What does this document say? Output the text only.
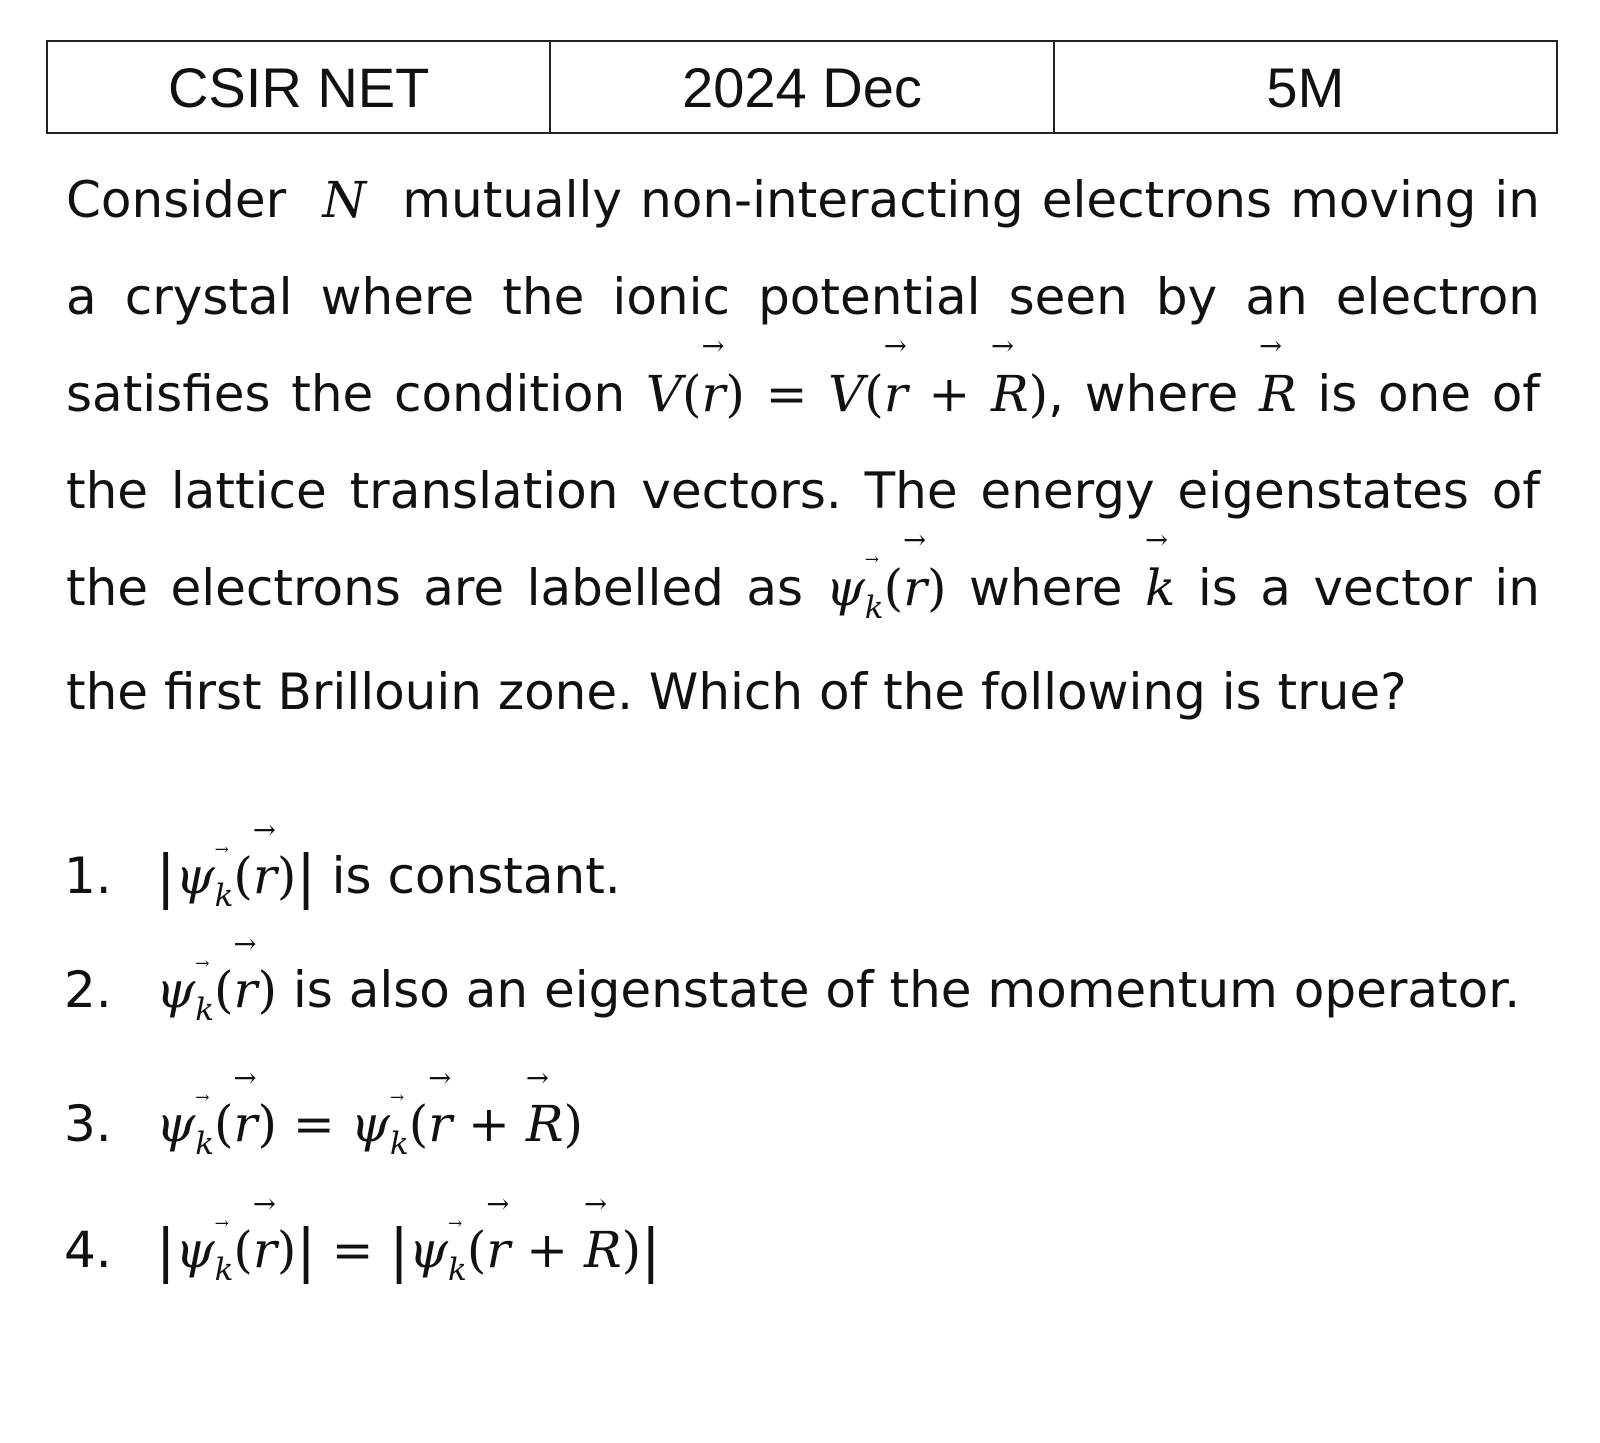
CSIR NET	2024 Dec	5M

Consider N mutually non-interacting electrons moving in a crystal where the ionic potential seen by an electron satisfies the condition V(→ r) = V(→ r + → R), where → R is one of the lattice translation vectors. The energy eigenstates of the electrons are labelled as ψ→ $_k$(→ r) where → k is a vector in the first Brillouin zone. Which of the following is true?

1. |ψ→ $_k$(→ r)| is constant.
2. ψ→ $_k$(→ r) is also an eigenstate of the momentum operator.
3. ψ→ $_k$(→ r) = ψ→ $_k$(→ r + → R)
4. |ψ→ $_k$(→ r)| = |ψ→ $_k$(→ r + → R)|
